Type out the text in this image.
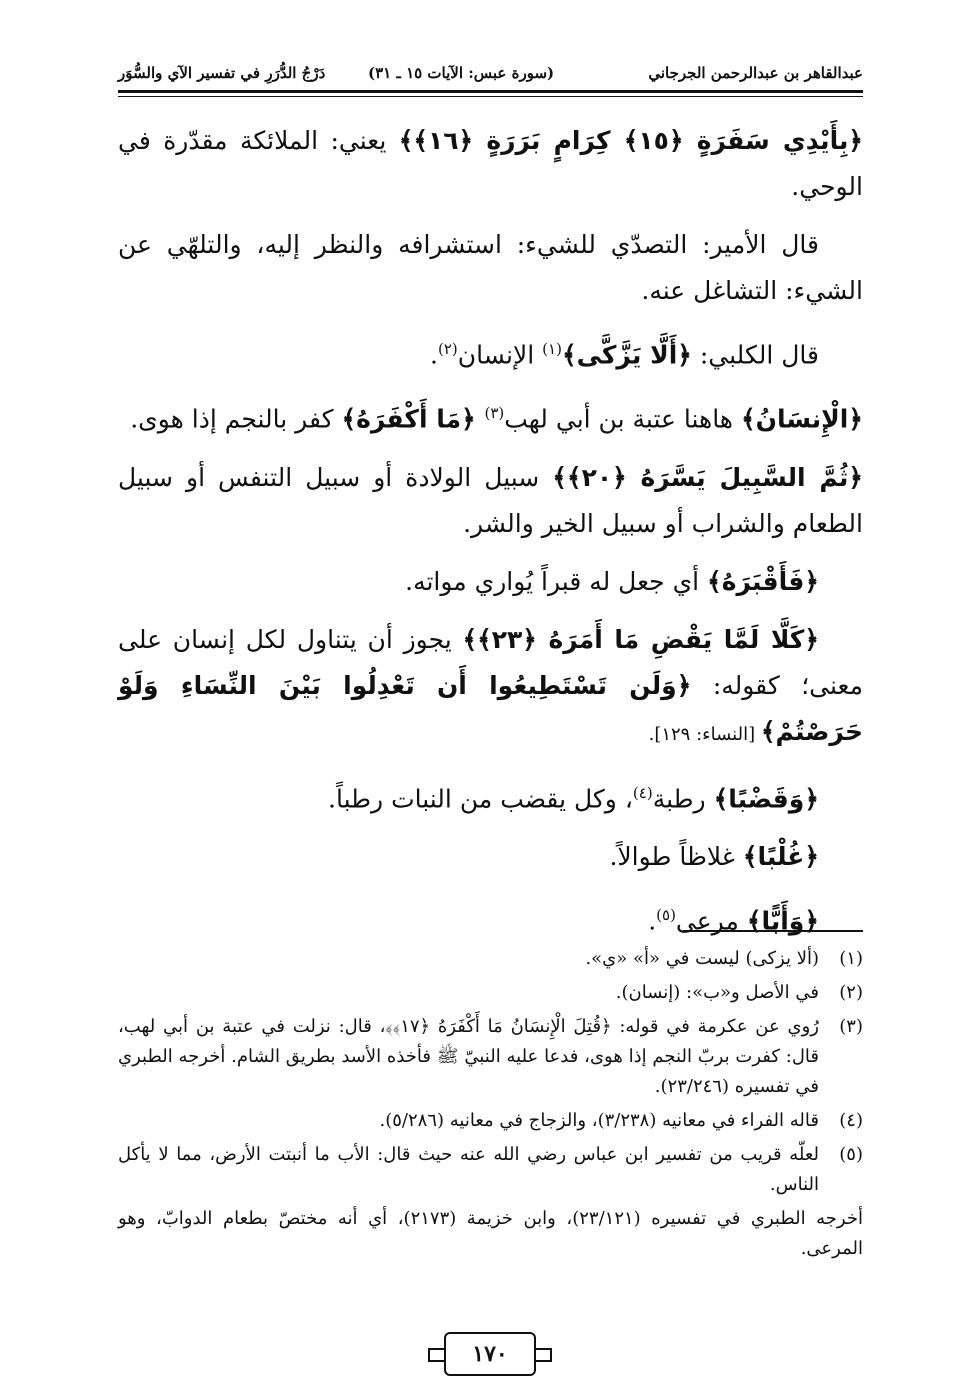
عبدالقاهر بن عبدالرحمن الجرجاني
(سورة عبس: الآيات ١٥ ـ ٣١)
دَرْجُ الدُّرَرِ في تفسير الآي والسُّوَر

﴿بِأَيْدِي سَفَرَةٍ ﴿١٥﴾ كِرَامٍ بَرَرَةٍ ﴿١٦﴾﴾ يعني: الملائكة مقدّرة في الوحي.

قال الأمير: التصدّي للشيء: استشرافه والنظر إليه، والتلهّي عن الشيء: التشاغل عنه.

قال الكلبي: ﴿أَلَّا يَزَّكَّى﴾$^{(١)}$ الإنسان$^{(٢)}$.

﴿الْإِنسَانُ﴾ هاهنا عتبة بن أبي لهب$^{(٣)}$ ﴿مَا أَكْفَرَهُ﴾ كفر بالنجم إذا هوى.

﴿ثُمَّ السَّبِيلَ يَسَّرَهُ ﴿٢٠﴾﴾ سبيل الولادة أو سبيل التنفس أو سبيل الطعام والشراب أو سبيل الخير والشر.

﴿فَأَقْبَرَهُ﴾ أي جعل له قبراً يُواري مواته.

﴿كَلَّا لَمَّا يَقْضِ مَا أَمَرَهُ ﴿٢٣﴾﴾ يجوز أن يتناول لكل إنسان على معنى؛ كقوله: ﴿وَلَن تَسْتَطِيعُوا أَن تَعْدِلُوا بَيْنَ النِّسَاءِ وَلَوْ حَرَصْتُمْ﴾ [النساء: ١٢٩].

﴿وَقَضْبًا﴾ رطبة$^{(٤)}$، وكل يقضب من النبات رطباً.

﴿غُلْبًا﴾ غلاظاً طوالاً.

﴿وَأَبًّا﴾ مرعى$^{(٥)}$.

(١)
(ألا يزكى) ليست في «أ» «ي».
(٢)
في الأصل و«ب»: (إنسان).
(٣)
رُوي عن عكرمة في قوله: ﴿قُتِلَ الْإِنسَانُ مَا أَكْفَرَهُ ﴿١٧﴾﴾، قال: نزلت في عتبة بن أبي لهب، قال: كفرت بربّ النجم إذا هوى، فدعا عليه النبيّ ﷺ فأخذه الأسد بطريق الشام. أخرجه الطبري في تفسيره (٢٣/٢٤٦).
(٤)
قاله الفراء في معانيه (٣/٢٣٨)، والزجاج في معانيه (٥/٢٨٦).
(٥)
لعلّه قريب من تفسير ابن عباس رضي الله عنه حيث قال: الأب ما أنبتت الأرض، مما لا يأكل الناس.
أخرجه الطبري في تفسيره (٢٣/١٢١)، وابن خزيمة (٢١٧٣)، أي أنه مختصّ بطعام الدوابّ، وهو المرعى.
١٧٠
